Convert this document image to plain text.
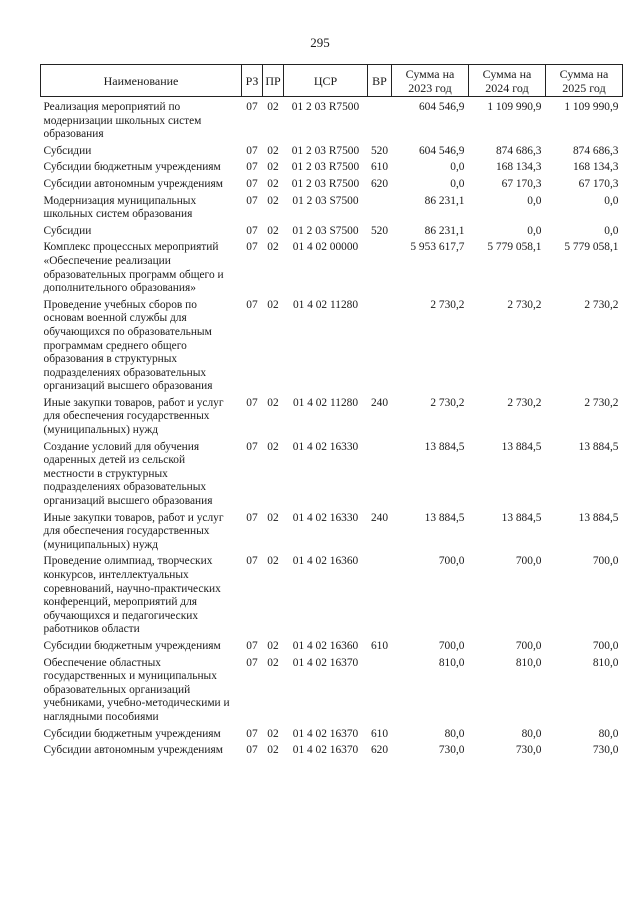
295
Наименование	РЗ	ПР	ЦСР	ВР	Сумма на 2023 год	Сумма на 2024 год	Сумма на 2025 год
Реализация мероприятий по модернизации школьных систем образования	07	02	01 2 03 R7500		604 546,9	1 109 990,9	1 109 990,9
Субсидии	07	02	01 2 03 R7500	520	604 546,9	874 686,3	874 686,3
Субсидии бюджетным учреждениям	07	02	01 2 03 R7500	610	0,0	168 134,3	168 134,3
Субсидии автономным учреждениям	07	02	01 2 03 R7500	620	0,0	67 170,3	67 170,3
Модернизация муниципальных школьных систем образования	07	02	01 2 03 S7500		86 231,1	0,0	0,0
Субсидии	07	02	01 2 03 S7500	520	86 231,1	0,0	0,0
Комплекс процессных мероприятий «Обеспечение реализации образовательных программ общего и дополнительного образования»	07	02	01 4 02 00000		5 953 617,7	5 779 058,1	5 779 058,1
Проведение учебных сборов по основам военной службы для обучающихся по образовательным программам среднего общего образования в структурных подразделениях образовательных организаций высшего образования	07	02	01 4 02 11280		2 730,2	2 730,2	2 730,2
Иные закупки товаров, работ и услуг для обеспечения государственных (муниципальных) нужд	07	02	01 4 02 11280	240	2 730,2	2 730,2	2 730,2
Создание условий для обучения одаренных детей из сельской местности в структурных подразделениях образовательных организаций высшего образования	07	02	01 4 02 16330		13 884,5	13 884,5	13 884,5
Иные закупки товаров, работ и услуг для обеспечения государственных (муниципальных) нужд	07	02	01 4 02 16330	240	13 884,5	13 884,5	13 884,5
Проведение олимпиад, творческих конкурсов, интеллектуальных соревнований, научно-практических конференций, мероприятий для обучающихся и педагогических работников области	07	02	01 4 02 16360		700,0	700,0	700,0
Субсидии бюджетным учреждениям	07	02	01 4 02 16360	610	700,0	700,0	700,0
Обеспечение областных государственных и муниципальных образовательных организаций учебниками, учебно-методическими и наглядными пособиями	07	02	01 4 02 16370		810,0	810,0	810,0
Субсидии бюджетным учреждениям	07	02	01 4 02 16370	610	80,0	80,0	80,0
Субсидии автономным учреждениям	07	02	01 4 02 16370	620	730,0	730,0	730,0
